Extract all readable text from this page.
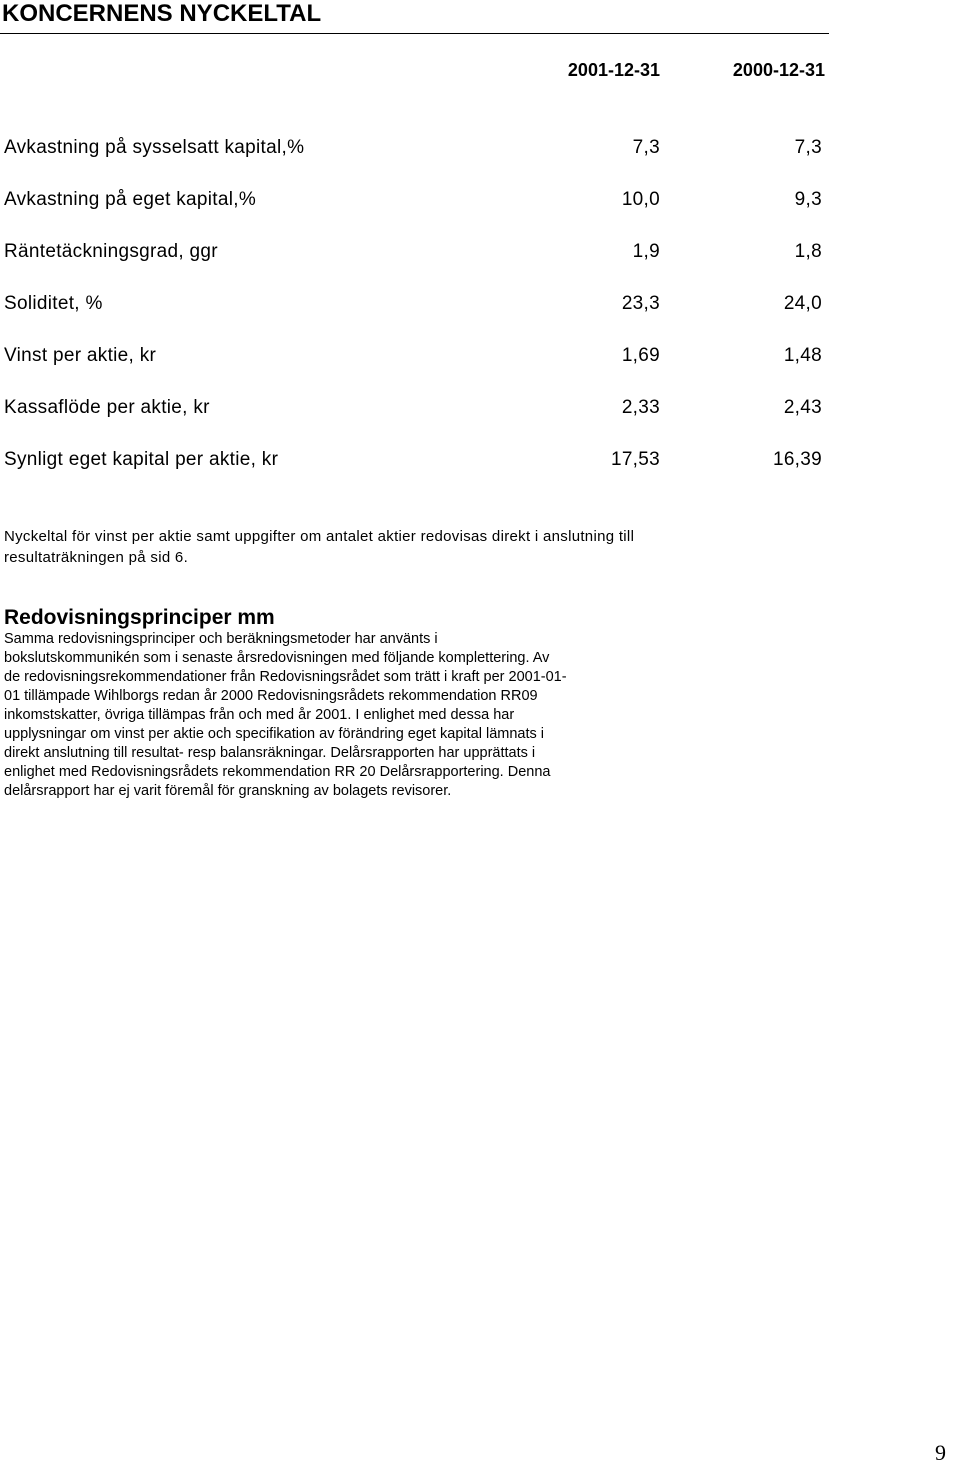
KONCERNENS NYCKELTAL
2001-12-31	2000-12-31
Avkastning på sysselsatt kapital,%	7,3	7,3
Avkastning på eget kapital,%	10,0	9,3
Räntetäckningsgrad, ggr	1,9	1,8
Soliditet, %	23,3	24,0
Vinst per aktie, kr	1,69	1,48
Kassaflöde per aktie, kr	2,33	2,43
Synligt eget kapital per aktie, kr	17,53	16,39
Nyckeltal för vinst per aktie samt uppgifter om antalet aktier redovisas direkt i anslutning till resultaträkningen på sid 6.
Redovisningsprinciper mm

Samma redovisningsprinciper och beräkningsmetoder har använts i
bokslutskommunikén som i senaste årsredovisningen med följande komplettering. Av
de redovisningsrekommendationer från Redovisningsrådet som trätt i kraft per 2001-01-
01 tillämpade Wihlborgs redan år 2000 Redovisningsrådets rekommendation RR09
inkomstskatter, övriga tillämpas från och med år 2001. I enlighet med dessa har
upplysningar om vinst per aktie och specifikation av förändring eget kapital lämnats i
direkt anslutning till resultat- resp balansräkningar. Delårsrapporten har upprättats i
enlighet med Redovisningsrådets rekommendation RR 20 Delårsrapportering. Denna
delårsrapport har ej varit föremål för granskning av bolagets revisorer.

9
